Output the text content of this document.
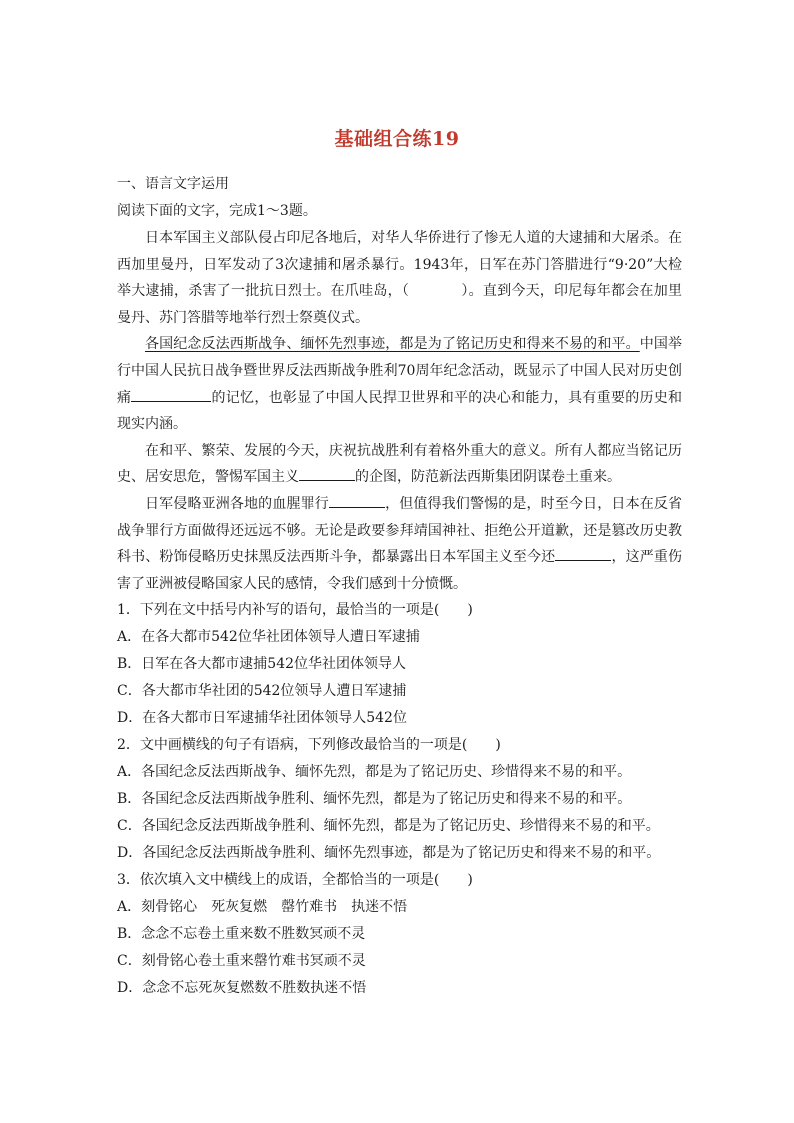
基础组合练19
一、语言文字运用
阅读下面的文字，完成1～3题。
日本军国主义部队侵占印尼各地后，对华人华侨进行了惨无人道的大逮捕和大屠杀。在西加里曼丹，日军发动了3次逮捕和屠杀暴行。1943年，日军在苏门答腊进行“9·20”大检举大逮捕，杀害了一批抗日烈士。在爪哇岛，（	）。直到今天，印尼每年都会在加里曼丹、苏门答腊等地举行烈士祭奠仪式。
各国纪念反法西斯战争、缅怀先烈事迹，都是为了铭记历史和得来不易的和平。中国举行中国人民抗日战争暨世界反法西斯战争胜利70周年纪念活动，既显示了中国人民对历史创痛	的记忆，也彰显了中国人民捍卫世界和平的决心和能力，具有重要的历史和现实内涵。
在和平、繁荣、发展的今天，庆祝抗战胜利有着格外重大的意义。所有人都应当铭记历史、居安思危，警惕军国主义	的企图，防范新法西斯集团阴谋卷土重来。
日军侵略亚洲各地的血腥罪行	，但值得我们警惕的是，时至今日，日本在反省战争罪行方面做得还远远不够。无论是政要参拜靖国神社、拒绝公开道歉，还是篡改历史教科书、粉饰侵略历史抹黑反法西斯斗争，都暴露出日本军国主义至今还	，这严重伤害了亚洲被侵略国家人民的感情，令我们感到十分愤慨。
1．下列在文中括号内补写的语句，最恰当的一项是(　　)
A．在各大都市542位华社团体领导人遭日军逮捕
B．日军在各大都市逮捕542位华社团体领导人
C．各大都市华社团的542位领导人遭日军逮捕
D．在各大都市日军逮捕华社团体领导人542位
2．文中画横线的句子有语病，下列修改最恰当的一项是(　　)
A．各国纪念反法西斯战争、缅怀先烈，都是为了铭记历史、珍惜得来不易的和平。
B．各国纪念反法西斯战争胜利、缅怀先烈，都是为了铭记历史和得来不易的和平。
C．各国纪念反法西斯战争胜利、缅怀先烈，都是为了铭记历史、珍惜得来不易的和平。
D．各国纪念反法西斯战争胜利、缅怀先烈事迹，都是为了铭记历史和得来不易的和平。
3．依次填入文中横线上的成语，全都恰当的一项是(　　)
A．刻骨铭心　死灰复燃　罄竹难书　执迷不悟
B．念念不忘卷土重来数不胜数冥顽不灵
C．刻骨铭心卷土重来罄竹难书冥顽不灵
D．念念不忘死灰复燃数不胜数执迷不悟
